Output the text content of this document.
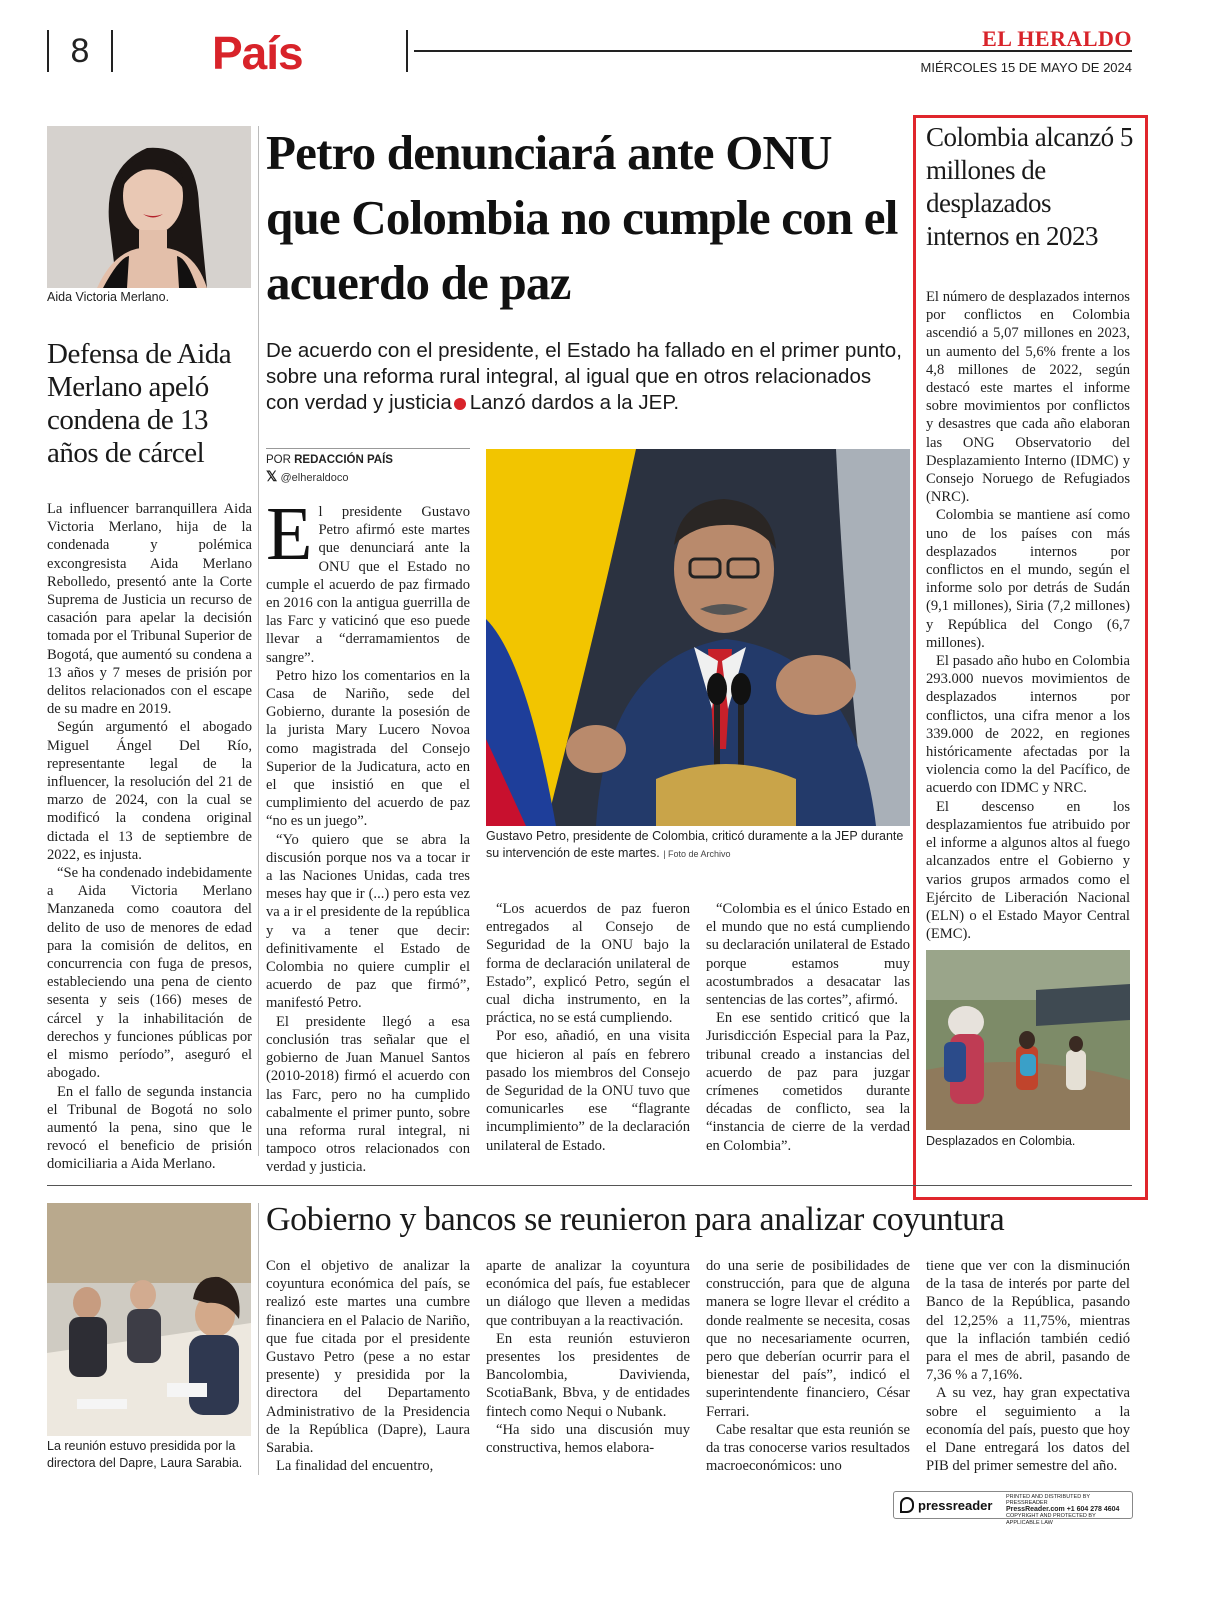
8	País	EL HERALDO
MIÉRCOLES 15 DE MAYO DE 2024
Aida Victoria Merlano.
Defensa de Aida Merlano apeló condena de 13 años de cárcel

La influencer barranquillera Aida Victoria Merlano, hija de la condenada y polémica excongresista Aida Merlano Rebolledo, presentó ante la Corte Suprema de Justicia un recurso de casación para apelar la decisión tomada por el Tribunal Superior de Bogotá, que aumentó su condena a 13 años y 7 meses de prisión por delitos relacionados con el escape de su madre en 2019.

Según argumentó el abogado Miguel Ángel Del Río, representante legal de la influencer, la resolución del 21 de marzo de 2024, con la cual se modificó la condena original dictada el 13 de septiembre de 2022, es injusta.

“Se ha condenado indebidamente a Aida Victoria Merlano Manzaneda como coautora del delito de uso de menores de edad para la comisión de delitos, en concurrencia con fuga de presos, estableciendo una pena de ciento sesenta y seis (166) meses de cárcel y la inhabilitación de derechos y funciones públicas por el mismo período”, aseguró el abogado.

En el fallo de segunda instancia el Tribunal de Bogotá no solo aumentó la pena, sino que le revocó el beneficio de prisión domiciliaria a Aida Merlano.

Petro denunciará ante ONU que Colombia no cumple con el acuerdo de paz
De acuerdo con el presidente, el Estado ha fallado en el primer punto, sobre una reforma rural integral, al igual que en otros relacionados con verdad y justicia Lanzó dardos a la JEP.
POR REDACCIÓN PAÍS
𝕏 @elheraldoco
Gustavo Petro, presidente de Colombia, criticó duramente a la JEP durante su intervención de este martes. | Foto de Archivo

El presidente Gustavo Petro afirmó este martes que denunciará ante la ONU que el Estado no cumple el acuerdo de paz firmado en 2016 con la antigua guerrilla de las Farc y vaticinó que eso puede llevar a “derramamientos de sangre”.

Petro hizo los comentarios en la Casa de Nariño, sede del Gobierno, durante la posesión de la jurista Mary Lucero Novoa como magistrada del Consejo Superior de la Judicatura, acto en el que insistió en que el cumplimiento del acuerdo de paz “no es un juego”.

“Yo quiero que se abra la discusión porque nos va a tocar ir a las Naciones Unidas, cada tres meses hay que ir (...) pero esta vez va a ir el presidente de la república y va a tener que decir: definitivamente el Estado de Colombia no quiere cumplir el acuerdo de paz que firmó”, manifestó Petro.

El presidente llegó a esa conclusión tras señalar que el gobierno de Juan Manuel Santos (2010-2018) firmó el acuerdo con las Farc, pero no ha cumplido cabalmente el primer punto, sobre una reforma rural integral, ni tampoco otros relacionados con verdad y justicia.

“Los acuerdos de paz fueron entregados al Consejo de Seguridad de la ONU bajo la forma de declaración unilateral de Estado”, explicó Petro, según el cual dicha instrumento, en la práctica, no se está cumpliendo.

Por eso, añadió, en una visita que hicieron al país en febrero pasado los miembros del Consejo de Seguridad de la ONU tuvo que comunicarles ese “flagrante incumplimiento” de la declaración unilateral de Estado.

“Colombia es el único Estado en el mundo que no está cumpliendo su declaración unilateral de Estado porque estamos muy acostumbrados a desacatar las sentencias de las cortes”, afirmó.

En ese sentido criticó que la Jurisdicción Especial para la Paz, tribunal creado a instancias del acuerdo de paz para juzgar crímenes cometidos durante décadas de conflicto, sea la “instancia de cierre de la verdad en Colombia”.

Colombia alcanzó 5 millones de desplazados internos en 2023

El número de desplazados internos por conflictos en Colombia ascendió a 5,07 millones en 2023, un aumento del 5,6% frente a los 4,8 millones de 2022, según destacó este martes el informe sobre movimientos por conflictos y desastres que cada año elaboran las ONG Observatorio del Desplazamiento Interno (IDMC) y Consejo Noruego de Refugiados (NRC).

Colombia se mantiene así como uno de los países con más desplazados internos por conflictos en el mundo, según el informe solo por detrás de Sudán (9,1 millones), Siria (7,2 millones) y República del Congo (6,7 millones).

El pasado año hubo en Colombia 293.000 nuevos movimientos de desplazados internos por conflictos, una cifra menor a los 339.000 de 2022, en regiones históricamente afectadas por la violencia como la del Pacífico, de acuerdo con IDMC y NRC.

El descenso en los desplazamientos fue atribuido por el informe a algunos altos al fuego alcanzados entre el Gobierno y varios grupos armados como el Ejército de Liberación Nacional (ELN) o el Estado Mayor Central (EMC).

Desplazados en Colombia.
La reunión estuvo presidida por la directora del Dapre, Laura Sarabia.
Gobierno y bancos se reunieron para analizar coyuntura

Con el objetivo de analizar la coyuntura económica del país, se realizó este martes una cumbre financiera en el Palacio de Nariño, que fue citada por el presidente Gustavo Petro (pese a no estar presente) y presidida por la directora del Departamento Administrativo de la Presidencia de la República (Dapre), Laura Sarabia.

La finalidad del encuentro,

aparte de analizar la coyuntura económica del país, fue establecer un diálogo que lleven a medidas que contribuyan a la reactivación.

En esta reunión estuvieron presentes los presidentes de Bancolombia, Davivienda, ScotiaBank, Bbva, y de entidades fintech como Nequi o Nubank.

“Ha sido una discusión muy constructiva, hemos elabora-

do una serie de posibilidades de construcción, para que de alguna manera se logre llevar el crédito a donde realmente se necesita, cosas que no necesariamente ocurren, pero que deberían ocurrir para el bienestar del país”, indicó el superintendente financiero, César Ferrari.

Cabe resaltar que esta reunión se da tras conocerse varios resultados macroeconómicos: uno

tiene que ver con la disminución de la tasa de interés por parte del Banco de la República, pasando del 12,25% a 11,75%, mientras que la inflación también cedió para el mes de abril, pasando de 7,36 % a 7,16%.

A su vez, hay gran expectativa sobre el seguimiento a la economía del país, puesto que hoy el Dane entregará los datos del PIB del primer semestre del año.

pressreader
PRINTED AND DISTRIBUTED BY PRESSREADER
PressReader.com +1 604 278 4604
COPYRIGHT AND PROTECTED BY APPLICABLE LAW
